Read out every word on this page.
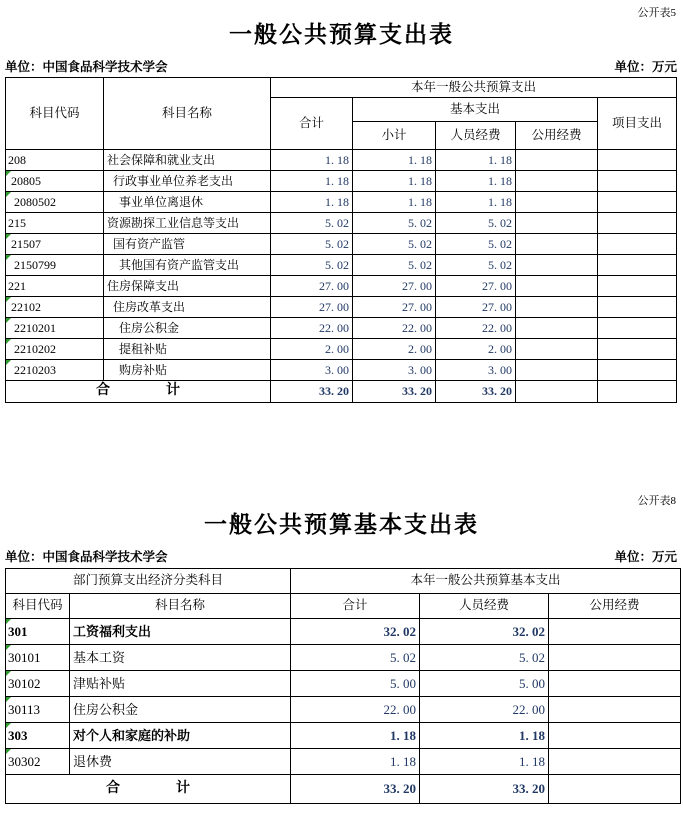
公开表5
一般公共预算支出表
单位：中国食品科学技术学会	单位：万元
科目代码	科目名称	本年一般公共预算支出				
		合计	基本支出			项目支出
			小计	人员经费	公用经费	
208	社会保障和就业支出	1. 18	1. 18	1. 18		

20805	行政事业单位养老支出	1. 18	1. 18	1. 18		

2080502	事业单位离退休	1. 18	1. 18	1. 18		
215	资源勘探工业信息等支出	5. 02	5. 02	5. 02		

21507	国有资产监管	5. 02	5. 02	5. 02		

2150799	其他国有资产监管支出	5. 02	5. 02	5. 02		
221	住房保障支出	27. 00	27. 00	27. 00		

22102	住房改革支出	27. 00	27. 00	27. 00		

2210201	住房公积金	22. 00	22. 00	22. 00		

2210202	提租补贴	2. 00	2. 00	2. 00		

2210203	购房补贴	3. 00	3. 00	3. 00		
合　　　　计		33. 20	33. 20	33. 20		
公开表8
一般公共预算基本支出表
单位：中国食品科学技术学会	单位：万元
部门预算支出经济分类科目		本年一般公共预算基本支出		
科目代码	科目名称	合计	人员经费	公用经费

301	工资福利支出	32. 02	32. 02	

30101	基本工资	5. 02	5. 02	

30102	津贴补贴	5. 00	5. 00	

30113	住房公积金	22. 00	22. 00	

303	对个人和家庭的补助	1. 18	1. 18	

30302	退休费	1. 18	1. 18	
合　　　　计		33. 20	33. 20	
